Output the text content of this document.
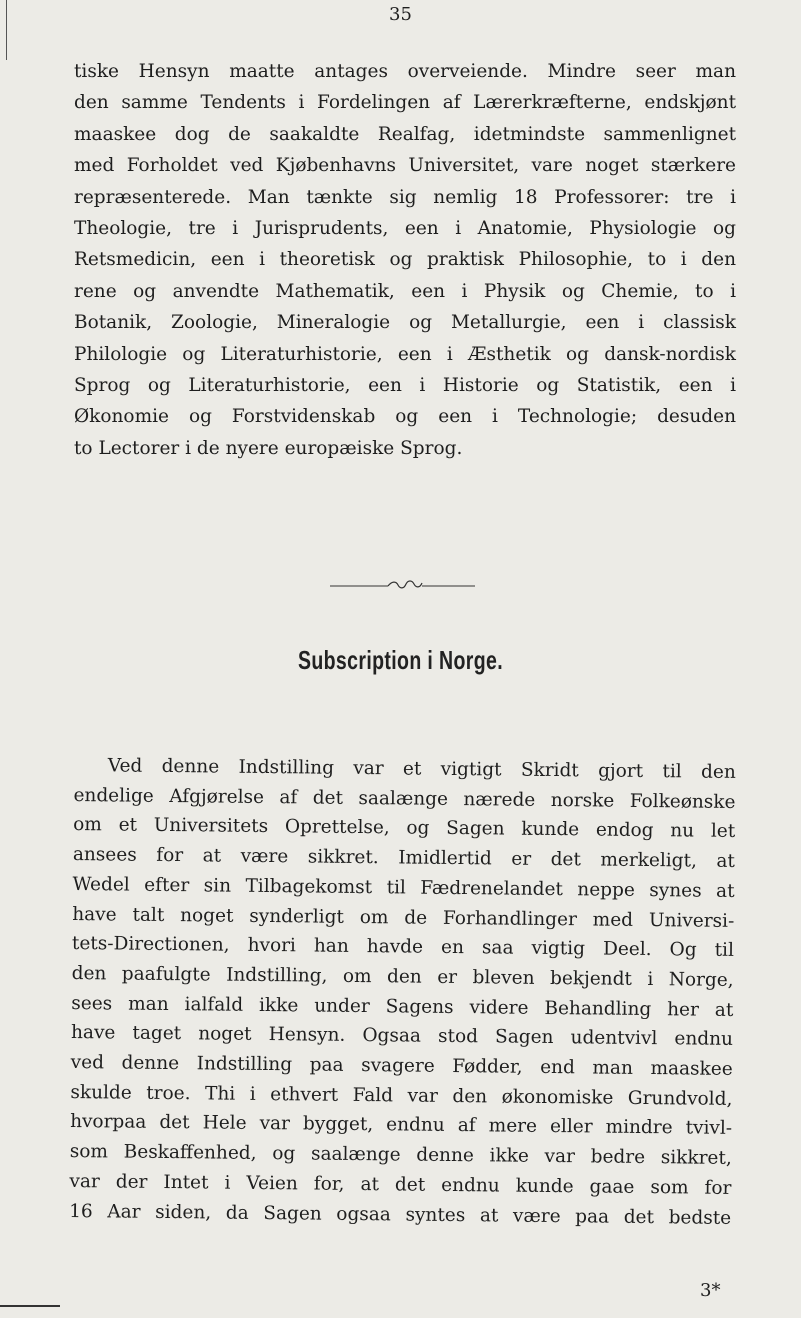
35
tiske Hensyn maatte antages overveiende. Mindre seer man
den samme Tendents i Fordelingen af Lærerkræfterne, endskjønt
maaskee dog de saakaldte Realfag, idetmindste sammenlignet
med Forholdet ved Kjøbenhavns Universitet, vare noget stærkere
repræsenterede. Man tænkte sig nemlig 18 Professorer: tre i
Theologie, tre i Jurisprudents, een i Anatomie, Physiologie og
Retsmedicin, een i theoretisk og praktisk Philosophie, to i den
rene og anvendte Mathematik, een i Physik og Chemie, to i
Botanik, Zoologie, Mineralogie og Metallurgie, een i classisk
Philologie og Literaturhistorie, een i Æsthetik og dansk-nordisk
Sprog og Literaturhistorie, een i Historie og Statistik, een i
Økonomie og Forstvidenskab og een i Technologie; desuden
to Lectorer i de nyere europæiske Sprog.
Subscription i Norge.
Ved denne Indstilling var et vigtigt Skridt gjort til den
endelige Afgjørelse af det saalænge nærede norske Folkeønske
om et Universitets Oprettelse, og Sagen kunde endog nu let
ansees for at være sikkret. Imidlertid er det merkeligt, at
Wedel efter sin Tilbagekomst til Fædrenelandet neppe synes at
have talt noget synderligt om de Forhandlinger med Universi-
tets-Directionen, hvori han havde en saa vigtig Deel. Og til
den paafulgte Indstilling, om den er bleven bekjendt i Norge,
sees man ialfald ikke under Sagens videre Behandling her at
have taget noget Hensyn. Ogsaa stod Sagen udentvivl endnu
ved denne Indstilling paa svagere Fødder, end man maaskee
skulde troe. Thi i ethvert Fald var den økonomiske Grundvold,
hvorpaa det Hele var bygget, endnu af mere eller mindre tvivl-
som Beskaffenhed, og saalænge denne ikke var bedre sikkret,
var der Intet i Veien for, at det endnu kunde gaae som for
16 Aar siden, da Sagen ogsaa syntes at være paa det bedste
3*
